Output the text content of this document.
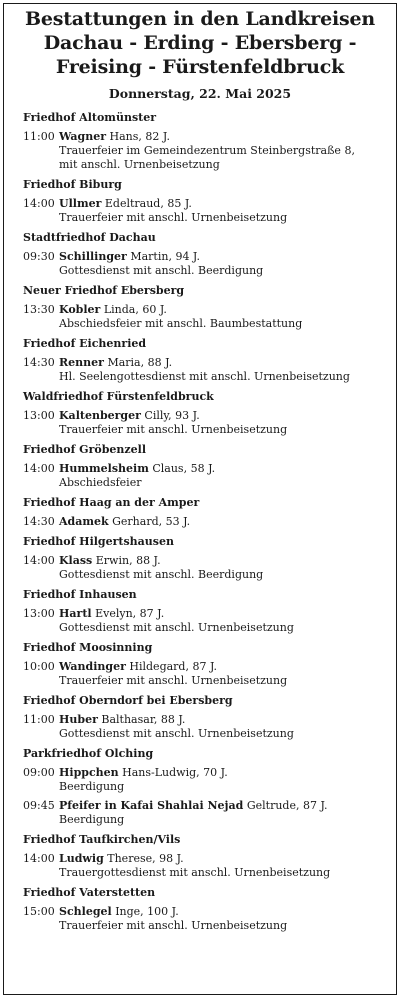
Bestattungen in den Landkreisen
Dachau - Erding - Ebersberg -
Freising - Fürstenfeldbruck
Donnerstag, 22. Mai 2025
Friedhof Altomünster
11:00 Wagner Hans, 82 J.
Trauerfeier im Gemeindezentrum Steinbergstraße 8,
mit anschl. Urnenbeisetzung
Friedhof Biburg
14:00 Ullmer Edeltraud, 85 J.
Trauerfeier mit anschl. Urnenbeisetzung
Stadtfriedhof Dachau
09:30 Schillinger Martin, 94 J.
Gottesdienst mit anschl. Beerdigung
Neuer Friedhof Ebersberg
13:30 Kobler Linda, 60 J.
Abschiedsfeier mit anschl. Baumbestattung
Friedhof Eichenried
14:30 Renner Maria, 88 J.
Hl. Seelengottesdienst mit anschl. Urnenbeisetzung
Waldfriedhof Fürstenfeldbruck
13:00 Kaltenberger Cilly, 93 J.
Trauerfeier mit anschl. Urnenbeisetzung
Friedhof Gröbenzell
14:00 Hummelsheim Claus, 58 J.
Abschiedsfeier
Friedhof Haag an der Amper
14:30 Adamek Gerhard, 53 J.
Friedhof Hilgertshausen
14:00 Klass Erwin, 88 J.
Gottesdienst mit anschl. Beerdigung
Friedhof Inhausen
13:00 Hartl Evelyn, 87 J.
Gottesdienst mit anschl. Urnenbeisetzung
Friedhof Moosinning
10:00 Wandinger Hildegard, 87 J.
Trauerfeier mit anschl. Urnenbeisetzung
Friedhof Oberndorf bei Ebersberg
11:00 Huber Balthasar, 88 J.
Gottesdienst mit anschl. Urnenbeisetzung
Parkfriedhof Olching
09:00 Hippchen Hans-Ludwig, 70 J.
Beerdigung
09:45 Pfeifer in Kafai Shahlai Nejad Geltrude, 87 J.
Beerdigung
Friedhof Taufkirchen/Vils
14:00 Ludwig Therese, 98 J.
Trauergottesdienst mit anschl. Urnenbeisetzung
Friedhof Vaterstetten
15:00 Schlegel Inge, 100 J.
Trauerfeier mit anschl. Urnenbeisetzung
